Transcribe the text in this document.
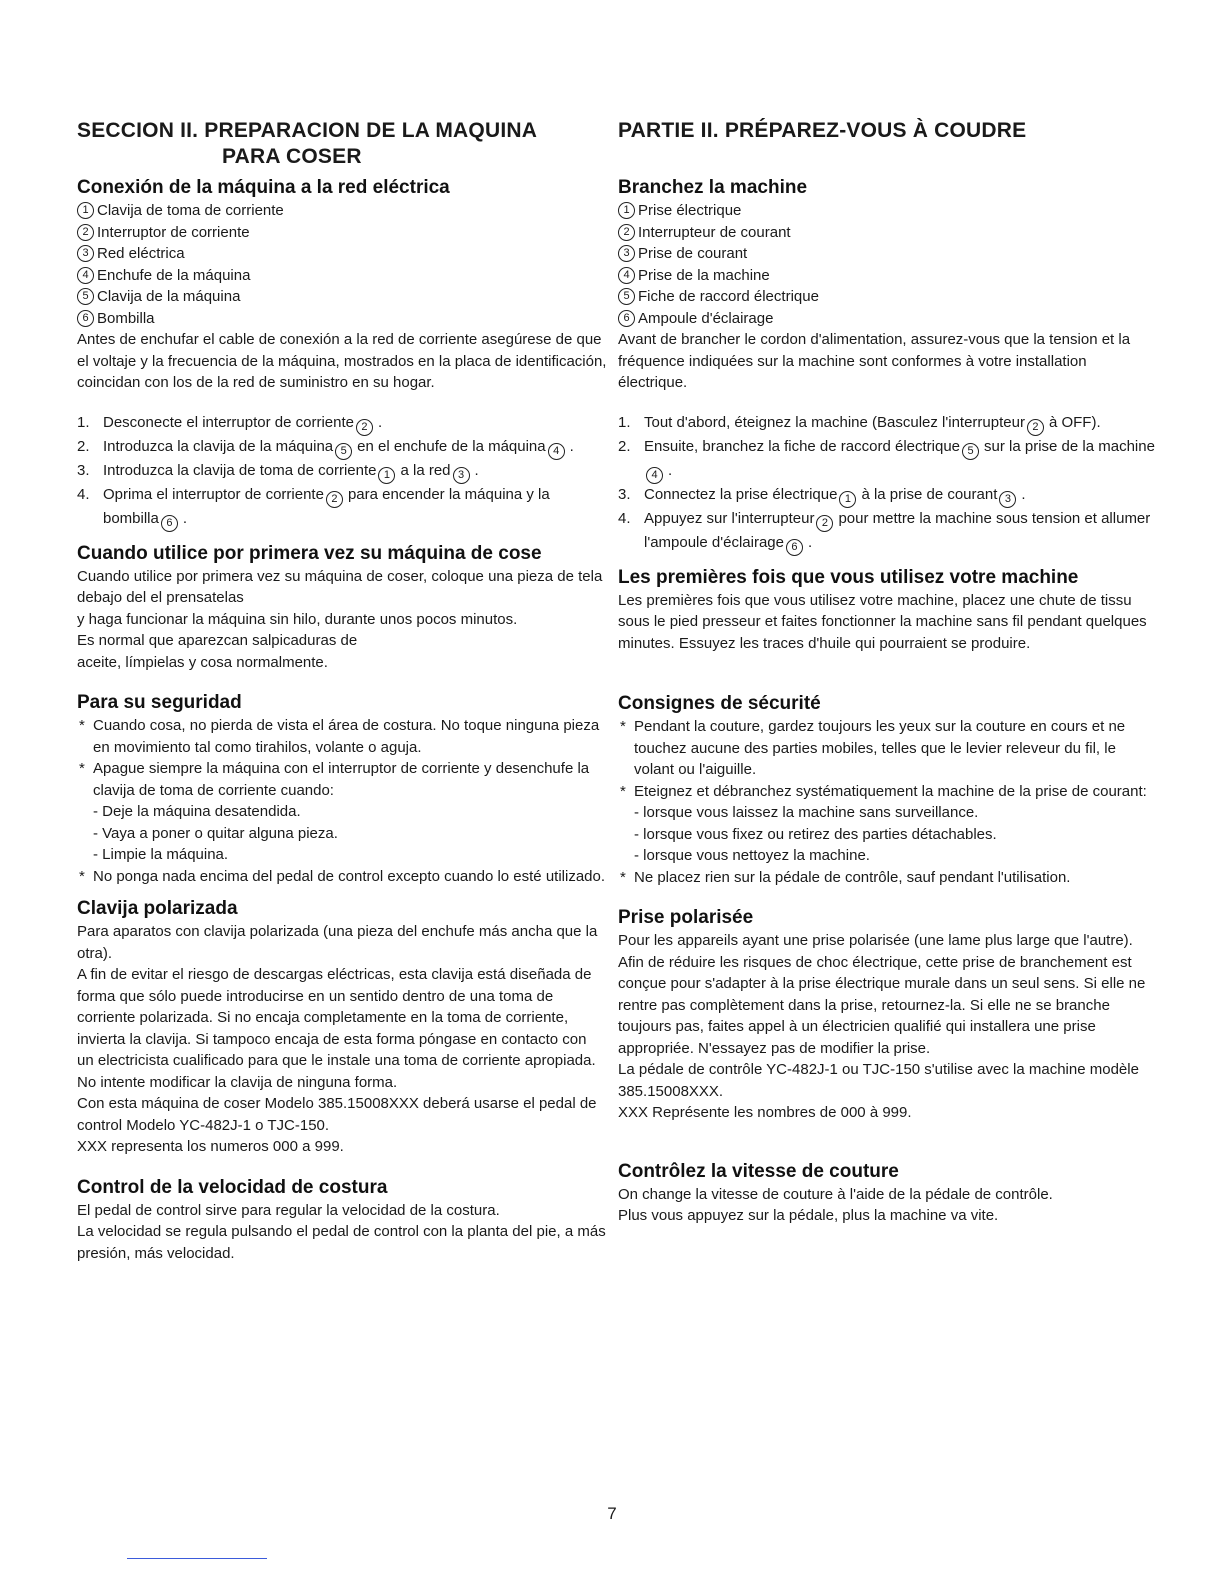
SECCION II. PREPARACION DE LA MAQUINA
PARA COSER
Conexión de la máquina a la red eléctrica
1 Clavija de toma de corriente
2 Interruptor de corriente
3 Red eléctrica
4 Enchufe de la máquina
5 Clavija de la máquina
6 Bombilla

Antes de enchufar el cable de conexión a la red de corriente asegúrese de que el voltaje y la frecuencia de la máquina, mostrados en la placa de identificación, coincidan con los de la red de suministro en su hogar.

1. Desconecte el interruptor de corriente 2 .
2. Introduzca la clavija de la máquina 5 en el enchufe de la máquina 4 .
3. Introduzca la clavija de toma de corriente 1 a la red 3 .
4. Oprima el interruptor de corriente 2 para encender la máquina y la bombilla 6 .
Cuando utilice por primera vez su máquina de cose

Cuando utilice por primera vez su máquina de coser, coloque una pieza de tela debajo del el prensatelas

y haga funcionar la máquina sin hilo, durante unos pocos minutos.

Es normal que aparezcan salpicaduras de

aceite, límpielas y cosa normalmente.

Para su seguridad
* Cuando cosa, no pierda de vista el área de costura. No toque ninguna pieza en movimiento tal como tirahilos, volante o aguja.
* Apague siempre la máquina con el interruptor de corriente y desenchufe la clavija de toma de corriente cuando:
- Deje la máquina desatendida.
- Vaya a poner o quitar alguna pieza.
- Limpie la máquina.
* No ponga nada encima del pedal de control excepto cuando lo esté utilizado.
Clavija polarizada

Para aparatos con clavija polarizada (una pieza del enchufe más ancha que la otra).

A fin de evitar el riesgo de descargas eléctricas, esta clavija está diseñada de forma que sólo puede introducirse en un sentido dentro de una toma de corriente polarizada. Si no encaja completamente en la toma de corriente, invierta la clavija. Si tampoco encaja de esta forma póngase en contacto con un electricista cualificado para que le instale una toma de corriente apropiada. No intente modificar la clavija de ninguna forma.

Con esta máquina de coser Modelo 385.15008XXX deberá usarse el pedal de control Modelo YC-482J-1 o TJC-150.

XXX representa los numeros 000 a 999.

Control de la velocidad de costura

El pedal de control sirve para regular la velocidad de la costura.

La velocidad se regula pulsando el pedal de control con la planta del pie, a más presión, más velocidad.

PARTIE II. PRÉPAREZ-VOUS À COUDRE
Branchez la machine
1 Prise électrique
2 Interrupteur de courant
3 Prise de courant
4 Prise de la machine
5 Fiche de raccord électrique
6 Ampoule d'éclairage

Avant de brancher le cordon d'alimentation, assurez-vous que la tension et la fréquence indiquées sur la machine sont conformes à votre installation électrique.

1. Tout d'abord, éteignez la machine (Basculez l'interrupteur 2 à OFF).
2. Ensuite, branchez la fiche de raccord électrique 5 sur la prise de la machine
4 .
3. Connectez la prise électrique 1 à la prise de courant 3 .
4. Appuyez sur l'interrupteur 2 pour mettre la machine sous tension et allumer l'ampoule d'éclairage 6 .
Les premières fois que vous utilisez votre machine

Les premières fois que vous utilisez votre machine, placez une chute de tissu sous le pied presseur et faites fonctionner la machine sans fil pendant quelques minutes. Essuyez les traces d'huile qui pourraient se produire.

Consignes de sécurité
* Pendant la couture, gardez toujours les yeux sur la couture en cours et ne touchez aucune des parties mobiles, telles que le levier releveur du fil, le volant ou l'aiguille.
* Eteignez et débranchez systématiquement la machine de la prise de courant:
- lorsque vous laissez la machine sans surveillance.
- lorsque vous fixez ou retirez des parties détachables.
- lorsque vous nettoyez la machine.
* Ne placez rien sur la pédale de contrôle, sauf pendant l'utilisation.
Prise polarisée

Pour les appareils ayant une prise polarisée (une lame plus large que l'autre). Afin de réduire les risques de choc électrique, cette prise de branchement est conçue pour s'adapter à la prise électrique murale dans un seul sens. Si elle ne rentre pas complètement dans la prise, retournez-la. Si elle ne se branche toujours pas, faites appel à un électricien qualifié qui installera une prise appropriée. N'essayez pas de modifier la prise.

La pédale de contrôle YC-482J-1 ou TJC-150 s'utilise avec la machine modèle 385.15008XXX.

XXX Représente les nombres de 000 à 999.

Contrôlez la vitesse de couture

On change la vitesse de couture à l'aide de la pédale de contrôle.

Plus vous appuyez sur la pédale, plus la machine va vite.

7
